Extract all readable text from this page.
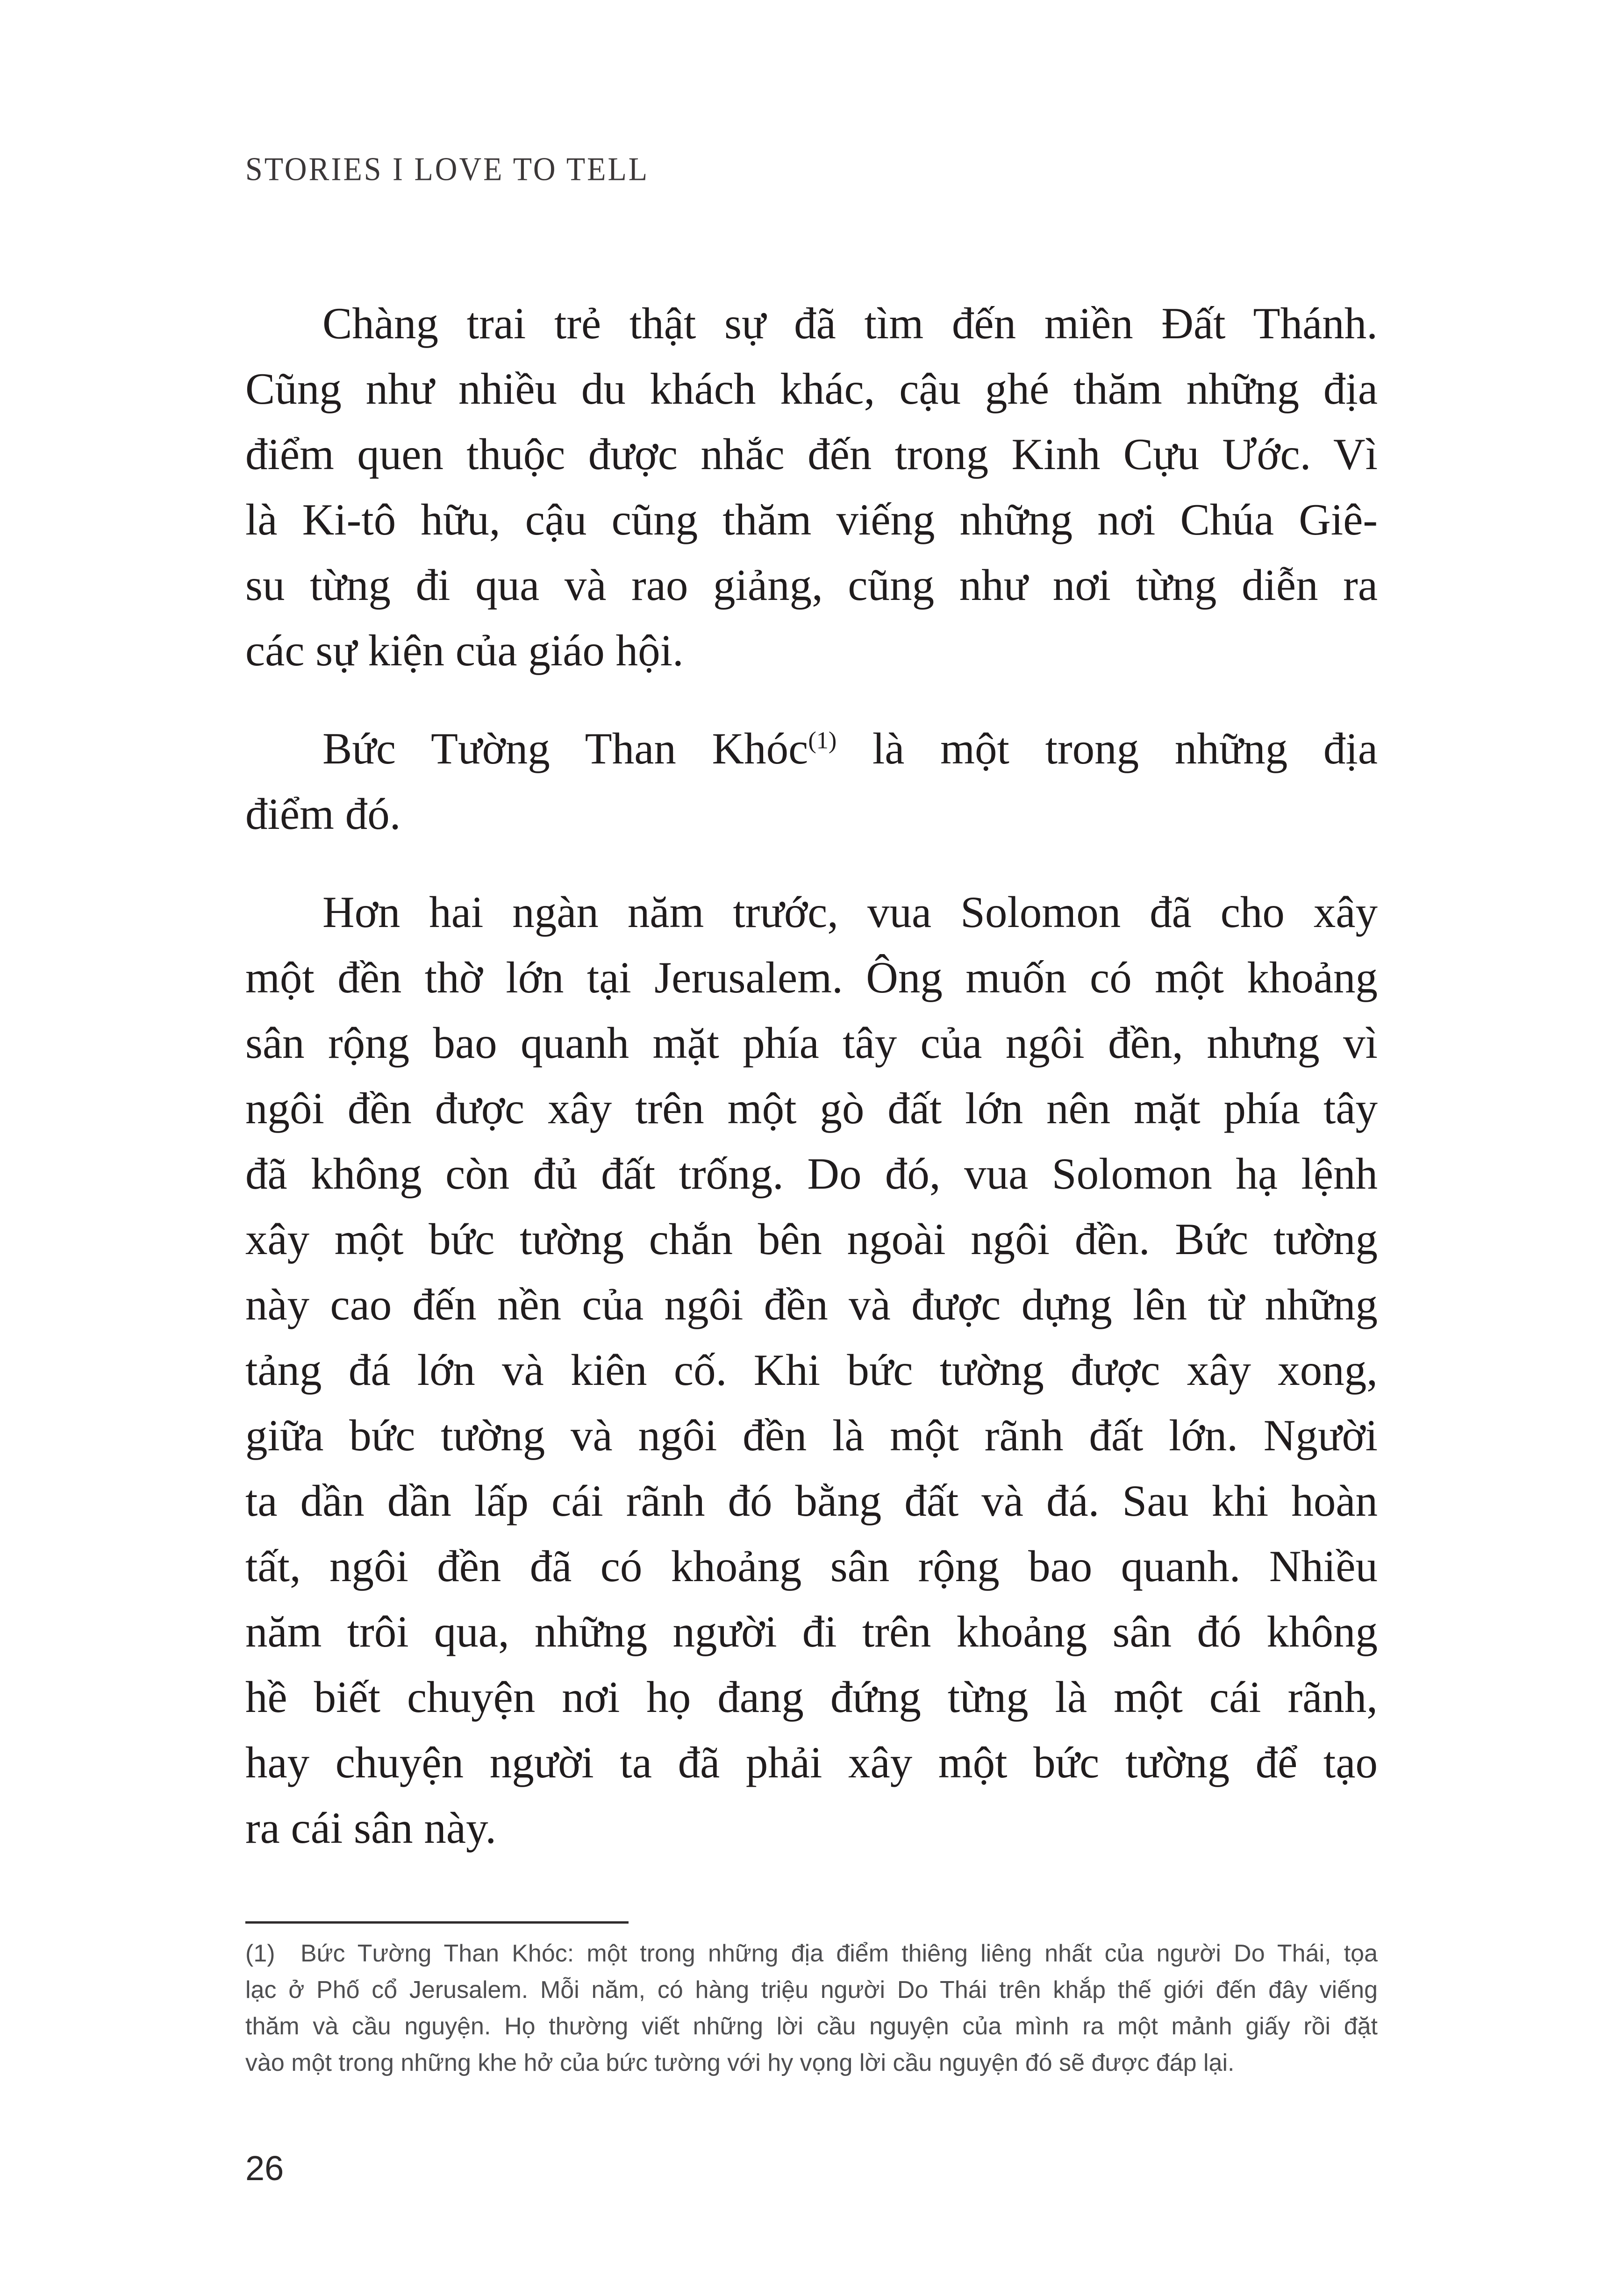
STORIES I LOVE TO TELL
Chàng trai trẻ thật sự đã tìm đến miền Đất Thánh.
Cũng như nhiều du khách khác, cậu ghé thăm những địa
điểm quen thuộc được nhắc đến trong Kinh Cựu Ước. Vì
là Ki-tô hữu, cậu cũng thăm viếng những nơi Chúa Giê-
su từng đi qua và rao giảng, cũng như nơi từng diễn ra
các sự kiện của giáo hội.
Bức Tường Than Khóc$^{(1)}$ là một trong những địa
điểm đó.
Hơn hai ngàn năm trước, vua Solomon đã cho xây
một đền thờ lớn tại Jerusalem. Ông muốn có một khoảng
sân rộng bao quanh mặt phía tây của ngôi đền, nhưng vì
ngôi đền được xây trên một gò đất lớn nên mặt phía tây
đã không còn đủ đất trống. Do đó, vua Solomon hạ lệnh
xây một bức tường chắn bên ngoài ngôi đền. Bức tường
này cao đến nền của ngôi đền và được dựng lên từ những
tảng đá lớn và kiên cố. Khi bức tường được xây xong,
giữa bức tường và ngôi đền là một rãnh đất lớn. Người
ta dần dần lấp cái rãnh đó bằng đất và đá. Sau khi hoàn
tất, ngôi đền đã có khoảng sân rộng bao quanh. Nhiều
năm trôi qua, những người đi trên khoảng sân đó không
hề biết chuyện nơi họ đang đứng từng là một cái rãnh,
hay chuyện người ta đã phải xây một bức tường để tạo
ra cái sân này.
(1)  Bức Tường Than Khóc: một trong những địa điểm thiêng liêng nhất của người Do Thái, tọa
lạc ở Phố cổ Jerusalem. Mỗi năm, có hàng triệu người Do Thái trên khắp thế giới đến đây viếng
thăm và cầu nguyện. Họ thường viết những lời cầu nguyện của mình ra một mảnh giấy rồi đặt
vào một trong những khe hở của bức tường với hy vọng lời cầu nguyện đó sẽ được đáp lại.
26
